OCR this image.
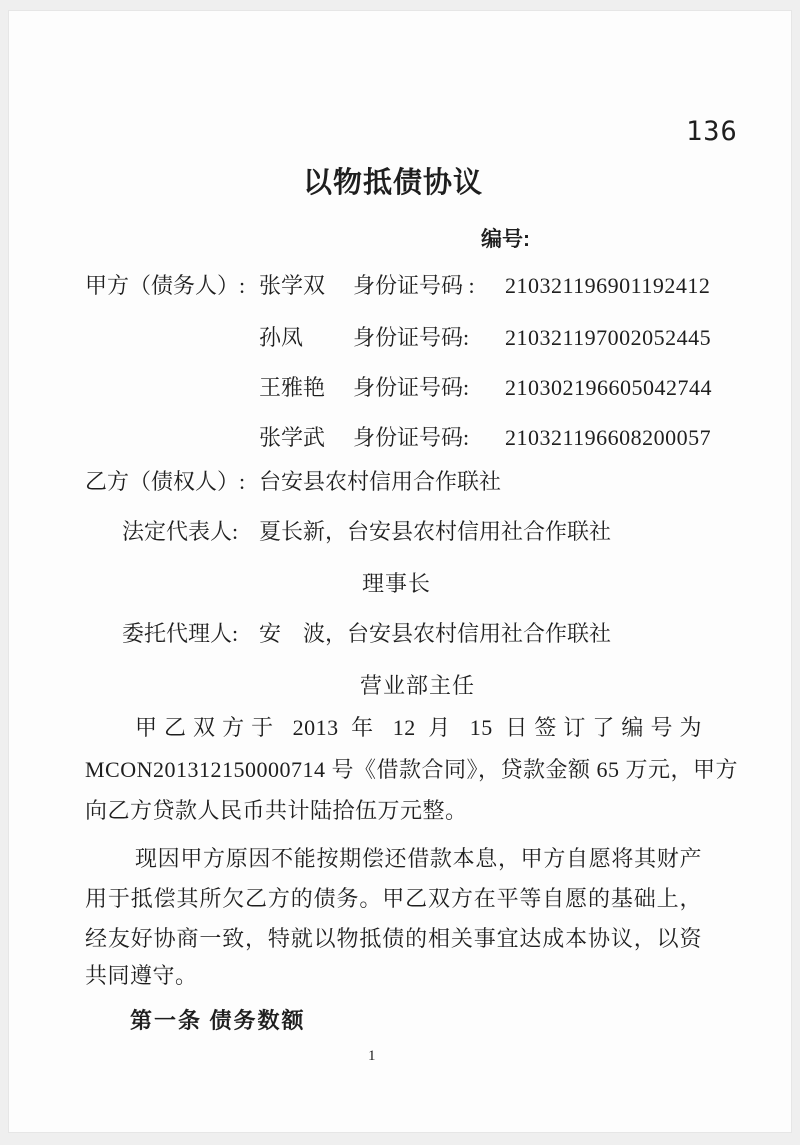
136
以物抵债协议
编号:
甲方（债务人）: 张学双 身份证号码 : 210321196901192412
孙凤 身份证号码: 210321197002052445
王雅艳 身份证号码: 210302196605042744
张学武 身份证号码: 210321196608200057
乙方（债权人）: 台安县农村信用合作联社
法定代表人: 夏长新，台安县农村信用社合作联社
理事长
委托代理人: 安　波，台安县农村信用社合作联社
营业部主任
甲乙双方于 2013 年 12 月 15 日签订了编号为
MCON201312150000714 号《借款合同》，贷款金额 65 万元，甲方
向乙方贷款人民币共计陆拾伍万元整。
现因甲方原因不能按期偿还借款本息，甲方自愿将其财产
用于抵偿其所欠乙方的债务。甲乙双方在平等自愿的基础上，
经友好协商一致，特就以物抵债的相关事宜达成本协议，以资
共同遵守。
第一条 债务数额
1
